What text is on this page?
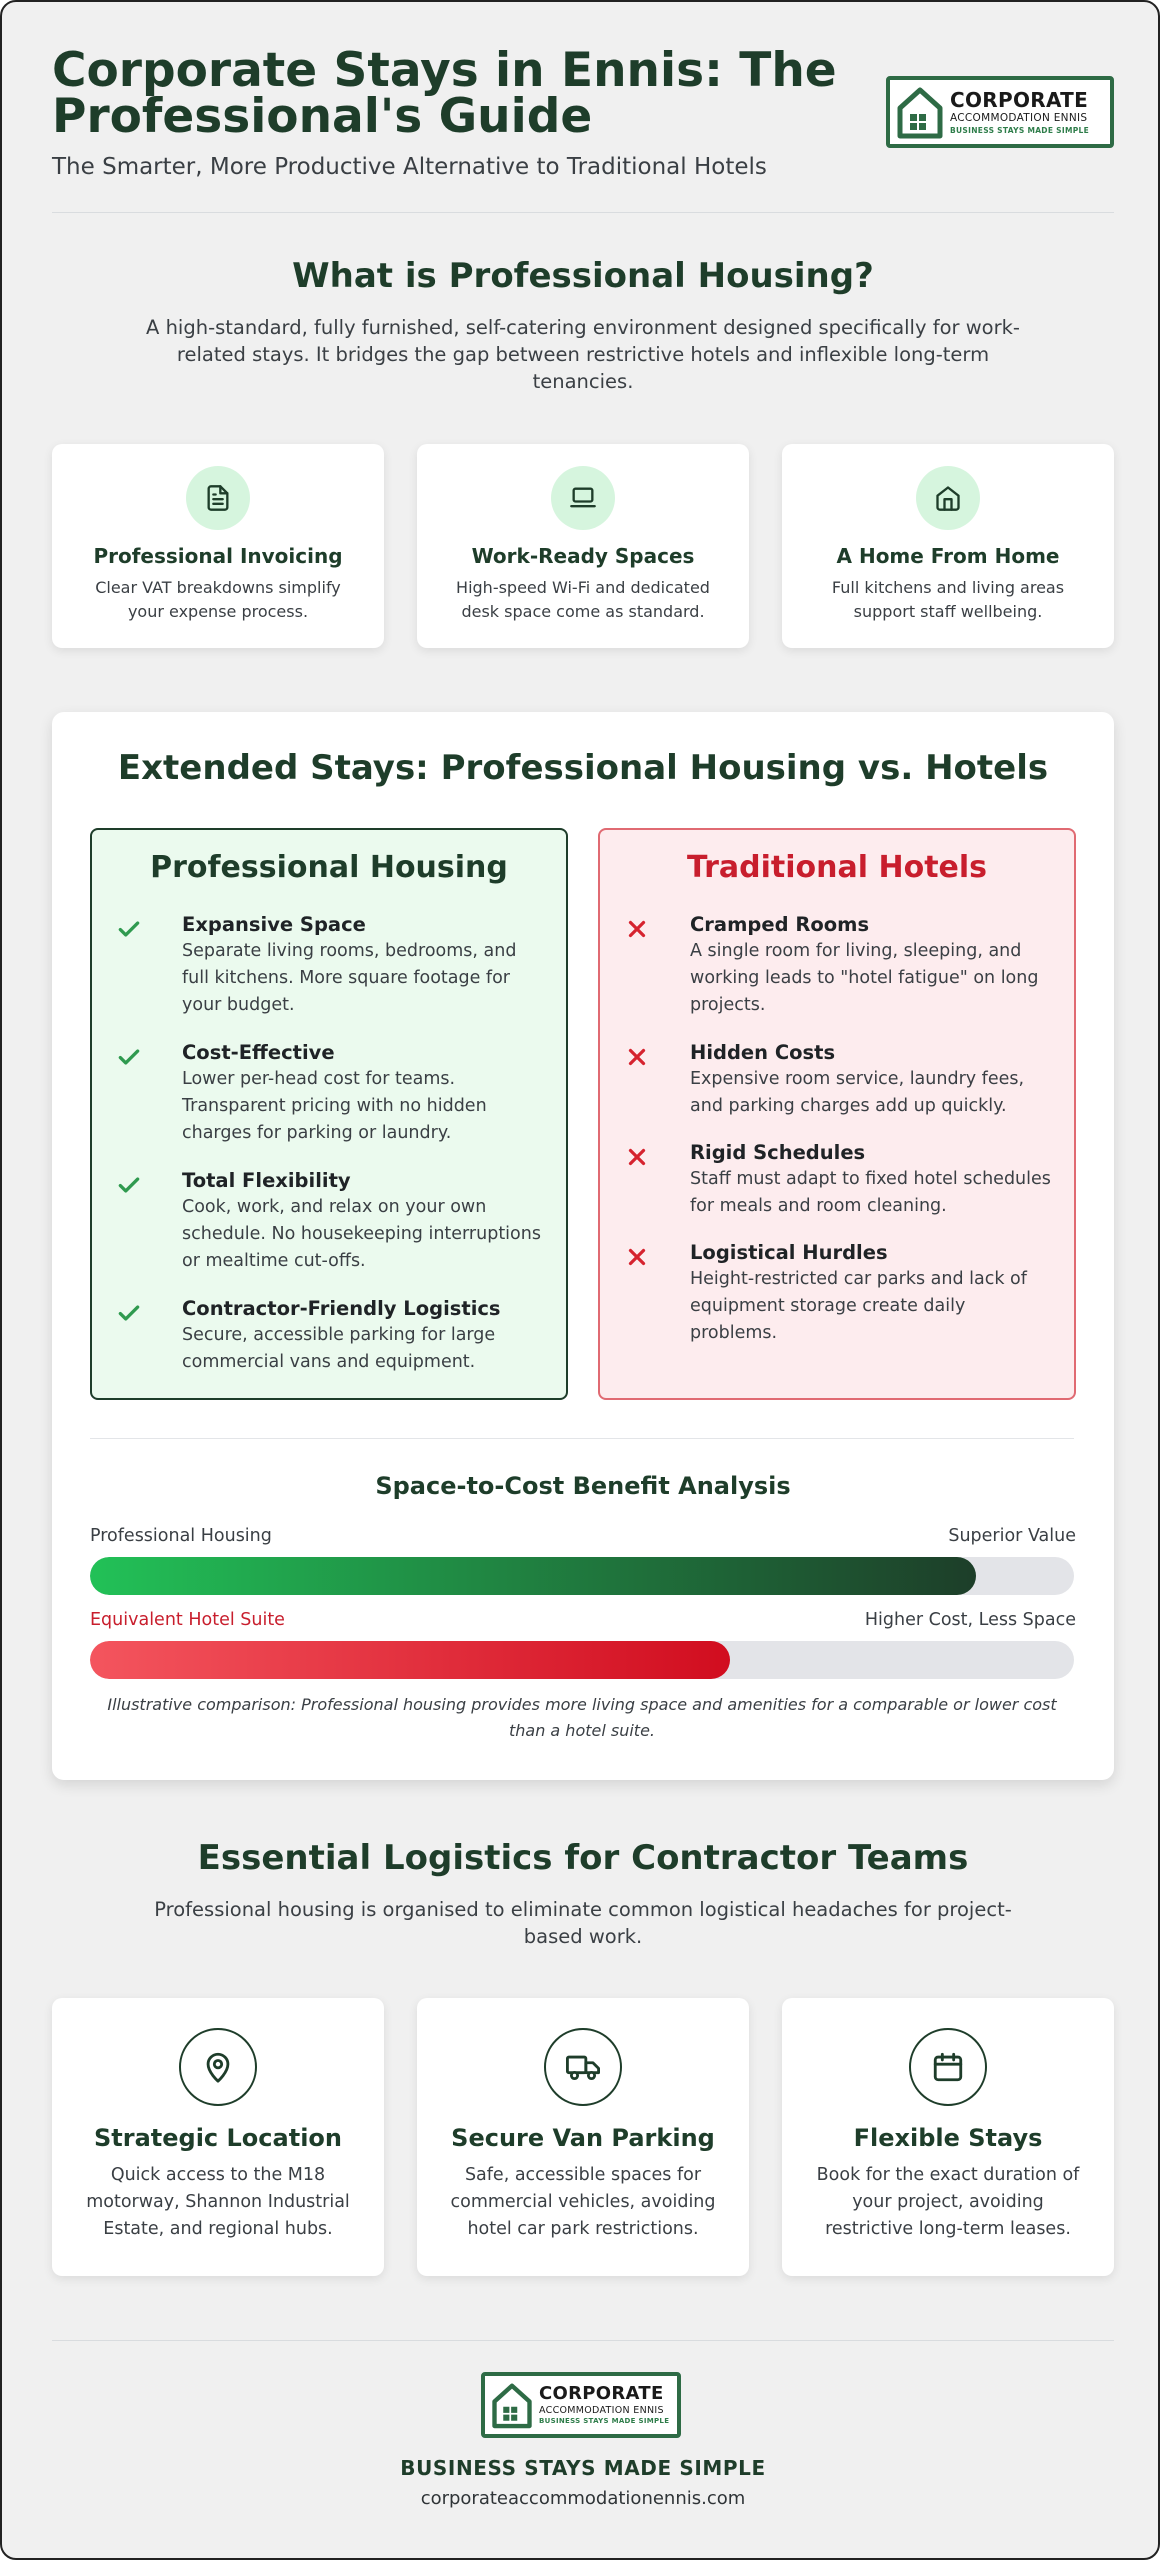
Corporate Stays in Ennis: The Professional's Guide
The Smarter, More Productive Alternative to Traditional Hotels
CORPORATE
ACCOMMODATION ENNIS
BUSINESS STAYS MADE SIMPLE
What is Professional Housing?
A high-standard, fully furnished, self-catering environment designed specifically for work-related stays. It bridges the gap between restrictive hotels and inflexible long-term tenancies.
Professional Invoicing

Clear VAT breakdowns simplify your expense process.

Work-Ready Spaces

High-speed Wi-Fi and dedicated desk space come as standard.

A Home From Home

Full kitchens and living areas support staff wellbeing.

Extended Stays: Professional Housing vs. Hotels
Professional Housing
Expansive Space
Separate living rooms, bedrooms, and full kitchens. More square footage for your budget.
Cost-Effective
Lower per-head cost for teams. Transparent pricing with no hidden charges for parking or laundry.
Total Flexibility
Cook, work, and relax on your own schedule. No housekeeping interruptions or mealtime cut-offs.
Contractor-Friendly Logistics
Secure, accessible parking for large commercial vans and equipment.
Traditional Hotels
Cramped Rooms
A single room for living, sleeping, and working leads to "hotel fatigue" on long projects.
Hidden Costs
Expensive room service, laundry fees, and parking charges add up quickly.
Rigid Schedules
Staff must adapt to fixed hotel schedules for meals and room cleaning.
Logistical Hurdles
Height-restricted car parks and lack of equipment storage create daily problems.
Space-to-Cost Benefit Analysis
Professional Housing	Superior Value
Equivalent Hotel Suite	Higher Cost, Less Space
Illustrative comparison: Professional housing provides more living space and amenities for a comparable or lower cost than a hotel suite.
Essential Logistics for Contractor Teams
Professional housing is organised to eliminate common logistical headaches for project-based work.
Strategic Location

Quick access to the M18 motorway, Shannon Industrial Estate, and regional hubs.

Secure Van Parking

Safe, accessible spaces for commercial vehicles, avoiding hotel car park restrictions.

Flexible Stays

Book for the exact duration of your project, avoiding restrictive long-term leases.

CORPORATE
ACCOMMODATION ENNIS
BUSINESS STAYS MADE SIMPLE
BUSINESS STAYS MADE SIMPLE
corporateaccommodationennis.com
